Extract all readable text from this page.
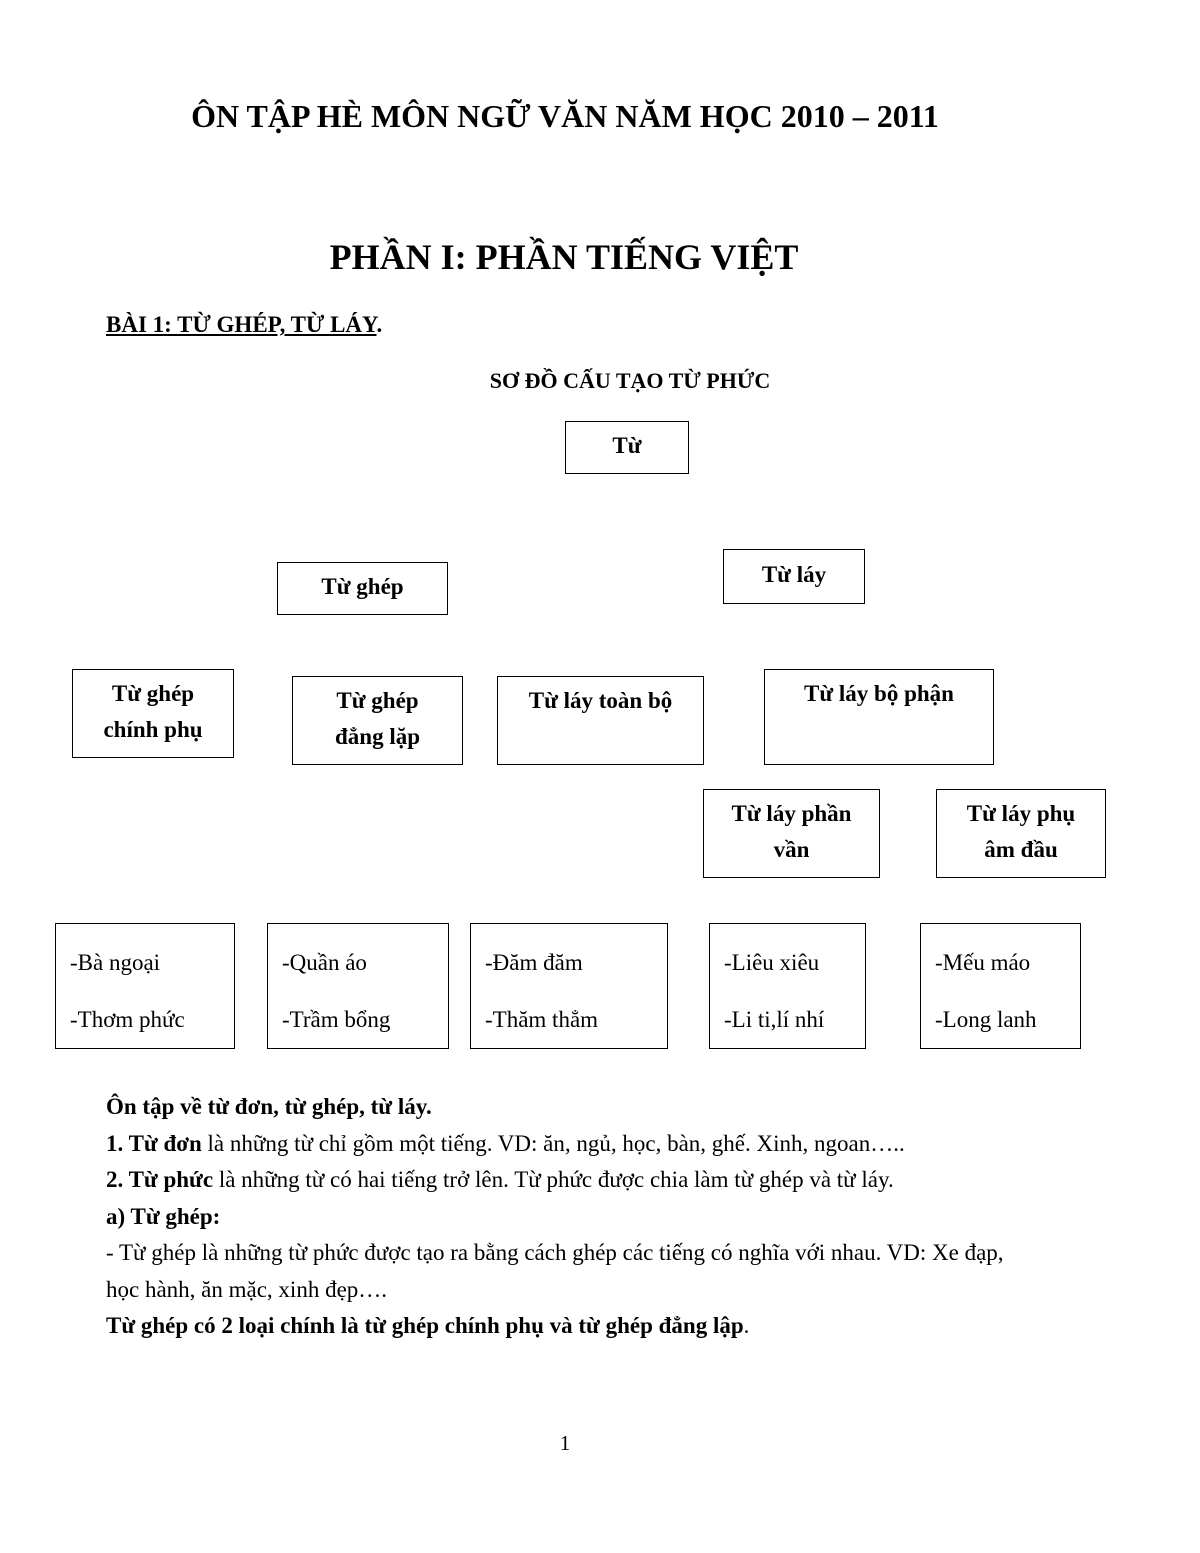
ÔN TẬP HÈ MÔN NGỮ VĂN NĂM HỌC 2010 – 2011
PHẦN I: PHẦN TIẾNG VIỆT
BÀI 1: TỪ GHÉP, TỪ LÁY.
SƠ ĐỒ CẤU TẠO TỪ PHỨC
Từ
Từ ghép	Từ láy
Từ ghép
chính phụ
Từ ghép
đẳng lặp
Từ láy toàn bộ	Từ láy bộ phận
Từ láy phần
vần
Từ láy phụ
âm đầu
-Bà ngoại
-Thơm phức
-Quần áo
-Trầm bổng
-Đăm đăm
-Thăm thẳm
-Liêu xiêu
-Li ti,lí nhí
-Mếu máo
-Long lanh

Ôn tập về từ đơn, từ ghép, từ láy.

1. Từ đơn là những từ chỉ gồm một tiếng. VD: ăn, ngủ, học, bàn, ghế. Xinh, ngoan…..

2. Từ phức là những từ có hai tiếng trở lên. Từ phức được chia làm từ ghép và từ láy.

a) Từ ghép:

- Từ ghép là những từ phức được tạo ra bằng cách ghép các tiếng có nghĩa với nhau. VD: Xe đạp, học hành, ăn mặc, xinh đẹp….

Từ ghép có 2 loại chính là từ ghép chính phụ và từ ghép đẳng lập.

1
